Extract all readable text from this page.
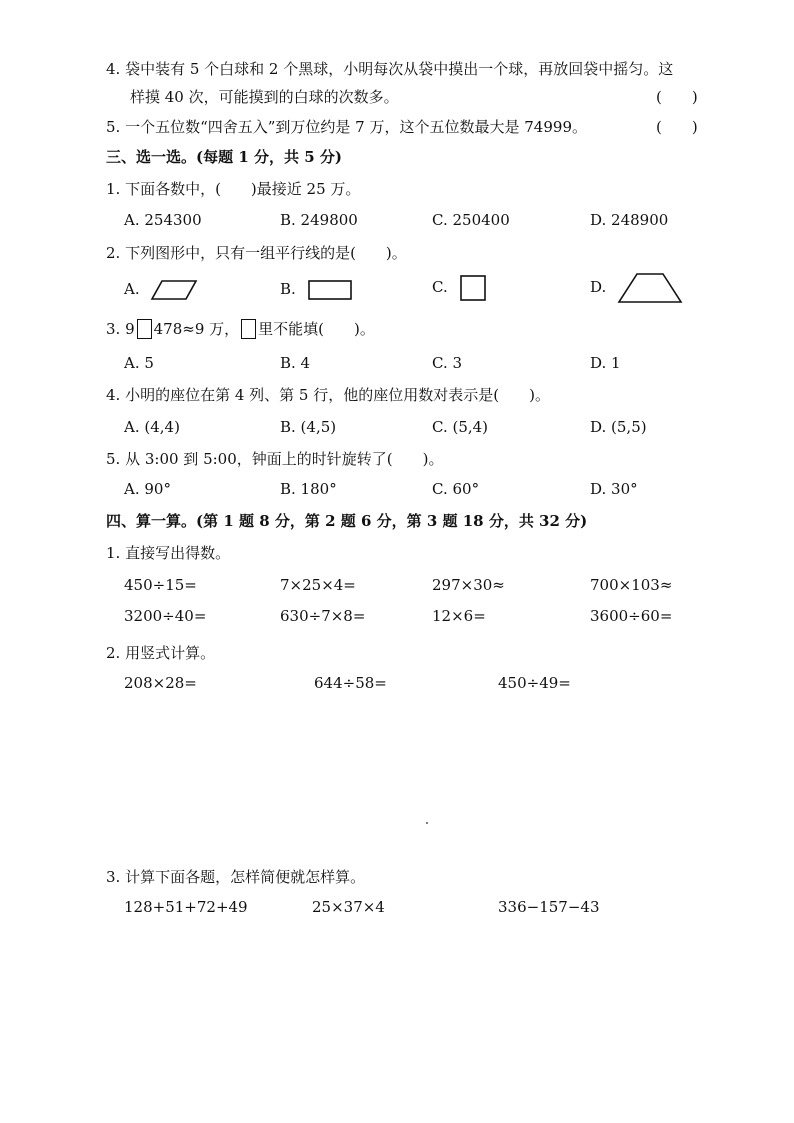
4. 袋中装有 5 个白球和 2 个黑球，小明每次从袋中摸出一个球，再放回袋中摇匀。这
样摸 40 次，可能摸到的白球的次数多。	(　　)
5. 一个五位数“四舍五入”到万位约是 7 万，这个五位数最大是 74999。	(　　)
三、选一选。(每题 1 分，共 5 分)
1. 下面各数中，(　　)最接近 25 万。
A. 254300	B. 249800	C. 250400	D. 248900
2. 下列图形中，只有一组平行线的是(　　)。
A.	B.	C.	D.
3. 9 478≈9 万， 里不能填(　　)。
A. 5	B. 4	C. 3	D. 1
4. 小明的座位在第 4 列、第 5 行，他的座位用数对表示是(　　)。
A. (4,4)	B. (4,5)	C. (5,4)	D. (5,5)
5. 从 3:00 到 5:00，钟面上的时针旋转了(　　)。
A. 90°	B. 180°	C. 60°	D. 30°
四、算一算。(第 1 题 8 分，第 2 题 6 分，第 3 题 18 分，共 32 分)
1. 直接写出得数。
450÷15=	7×25×4=	297×30≈	700×103≈
3200÷40=	630÷7×8=	12×6=	3600÷60=
2. 用竖式计算。
208×28=	644÷58=	450÷49=
3. 计算下面各题，怎样简便就怎样算。
128+51+72+49	25×37×4	336−157−43
